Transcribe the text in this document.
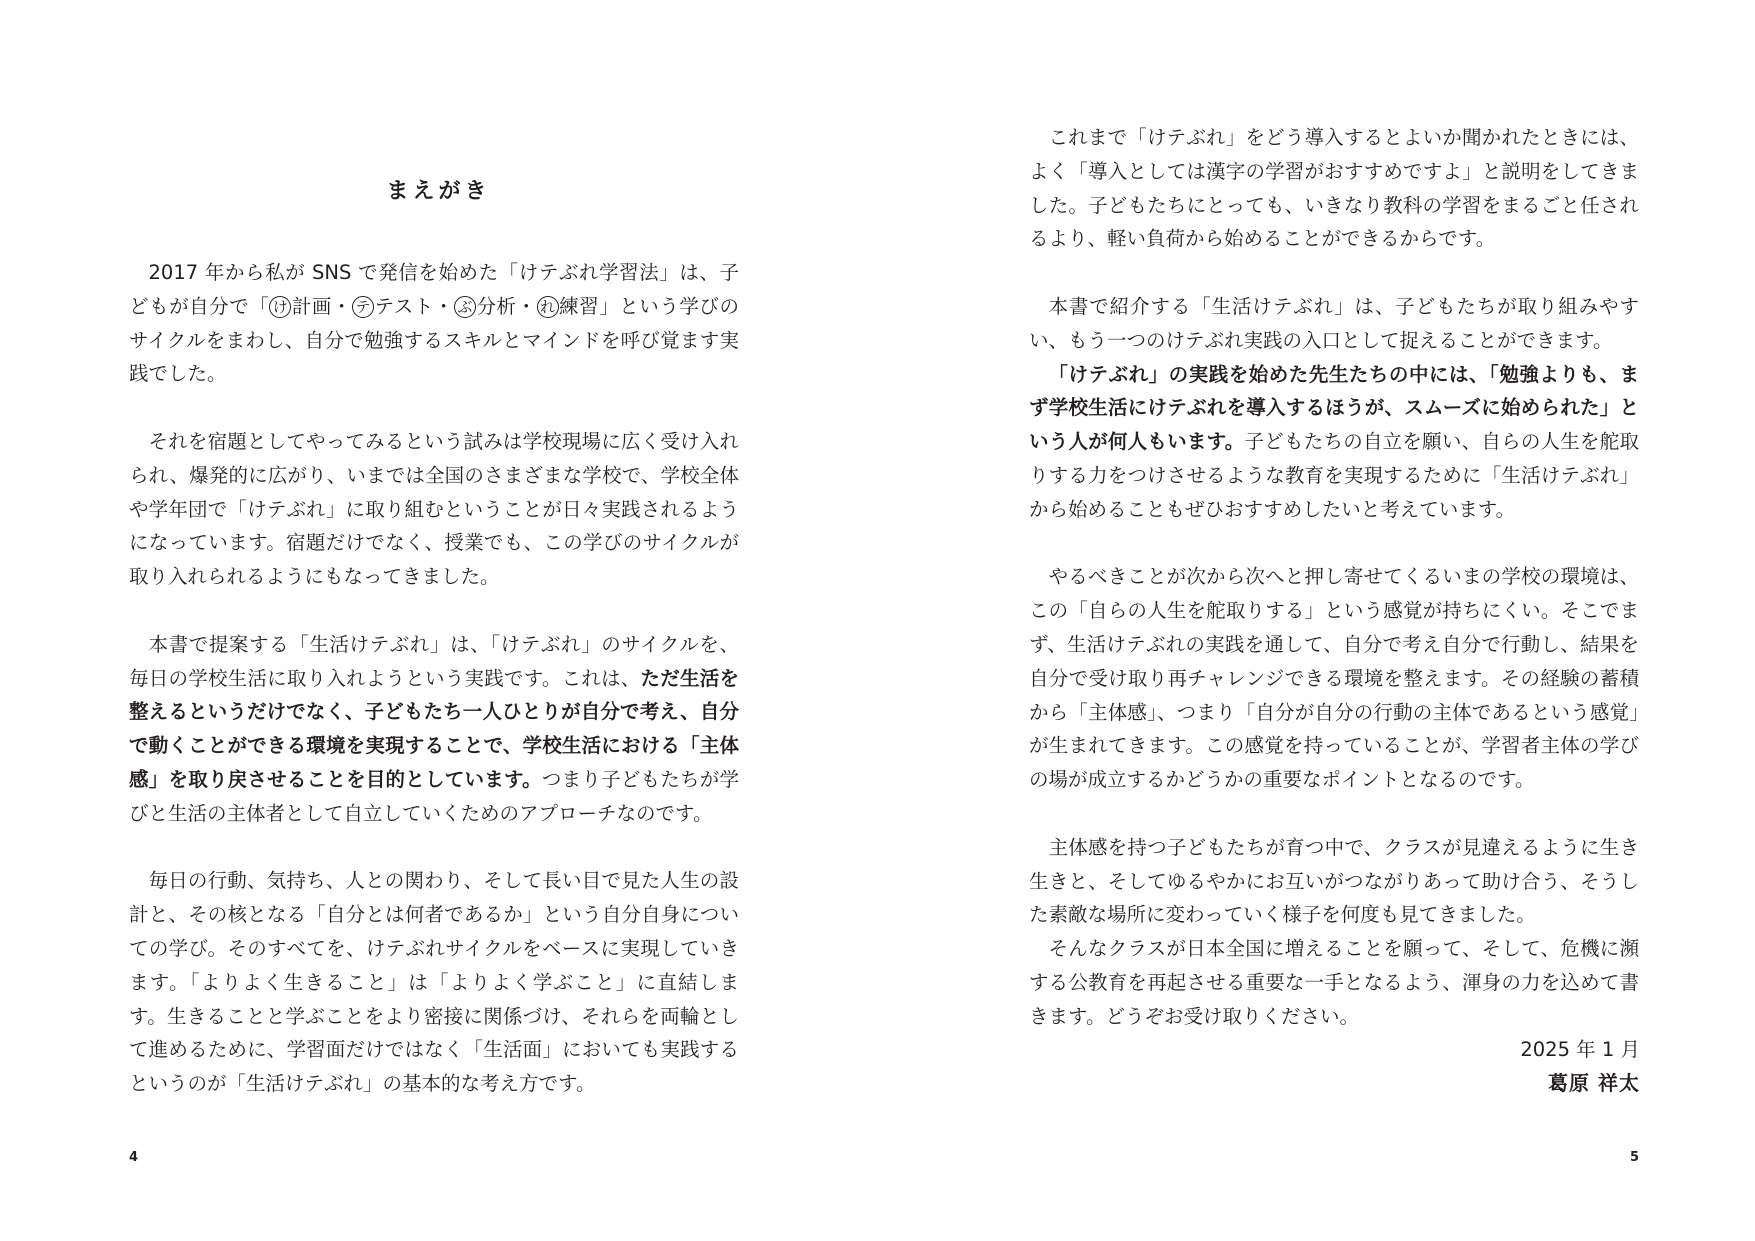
まえがき

2017 年から私が SNS で発信を始めた「けテぶれ学習法」は、子どもが自分で「 け 計画・ テ テスト・ ぶ 分析・ れ 練習」という学びのサイクルをまわし、自分で勉強するスキルとマインドを呼び覚ます実践でした。

それを宿題としてやってみるという試みは学校現場に広く受け入れられ、爆発的に広がり、いまでは全国のさまざまな学校で、学校全体や学年団で「けテぶれ」に取り組むということが日々実践されるようになっています。宿題だけでなく、授業でも、この学びのサイクルが取り入れられるようにもなってきました。

本書で提案する「生活けテぶれ」は、「けテぶれ」のサイクルを、毎日の学校生活に取り入れようという実践です。これは、ただ生活を整えるというだけでなく、子どもたち一人ひとりが自分で考え、自分で動くことができる環境を実現することで、学校生活における「主体感」を取り戻させることを目的としています。つまり子どもたちが学びと生活の主体者として自立していくためのアプローチなのです。

毎日の行動、気持ち、人との関わり、そして長い目で見た人生の設計と、その核となる「自分とは何者であるか」という自分自身についての学び。そのすべてを、けテぶれサイクルをベースに実現していきます。「よりよく生きること」は「よりよく学ぶこと」に直結します。生きることと学ぶことをより密接に関係づけ、それらを両輪として進めるために、学習面だけではなく「生活面」においても実践するというのが「生活けテぶれ」の基本的な考え方です。

4

これまで「けテぶれ」をどう導入するとよいか聞かれたときには、よく「導入としては漢字の学習がおすすめですよ」と説明をしてきました。子どもたちにとっても、いきなり教科の学習をまるごと任されるより、軽い負荷から始めることができるからです。

本書で紹介する「生活けテぶれ」は、子どもたちが取り組みやすい、もう一つのけテぶれ実践の入口として捉えることができます。

「けテぶれ」の実践を始めた先生たちの中には、「勉強よりも、まず学校生活にけテぶれを導入するほうが、スムーズに始められた」という人が何人もいます。子どもたちの自立を願い、自らの人生を舵取りする力をつけさせるような教育を実現するために「生活けテぶれ」から始めることもぜひおすすめしたいと考えています。

やるべきことが次から次へと押し寄せてくるいまの学校の環境は、この「自らの人生を舵取りする」という感覚が持ちにくい。そこでまず、生活けテぶれの実践を通して、自分で考え自分で行動し、結果を自分で受け取り再チャレンジできる環境を整えます。その経験の蓄積から「主体感」、つまり「自分が自分の行動の主体であるという感覚」が生まれてきます。この感覚を持っていることが、学習者主体の学びの場が成立するかどうかの重要なポイントとなるのです。

主体感を持つ子どもたちが育つ中で、クラスが見違えるように生き生きと、そしてゆるやかにお互いがつながりあって助け合う、そうした素敵な場所に変わっていく様子を何度も見てきました。

そんなクラスが日本全国に増えることを願って、そして、危機に瀕する公教育を再起させる重要な一手となるよう、渾身の力を込めて書きます。どうぞお受け取りください。

2025 年 1 月
葛原 祥太
5
